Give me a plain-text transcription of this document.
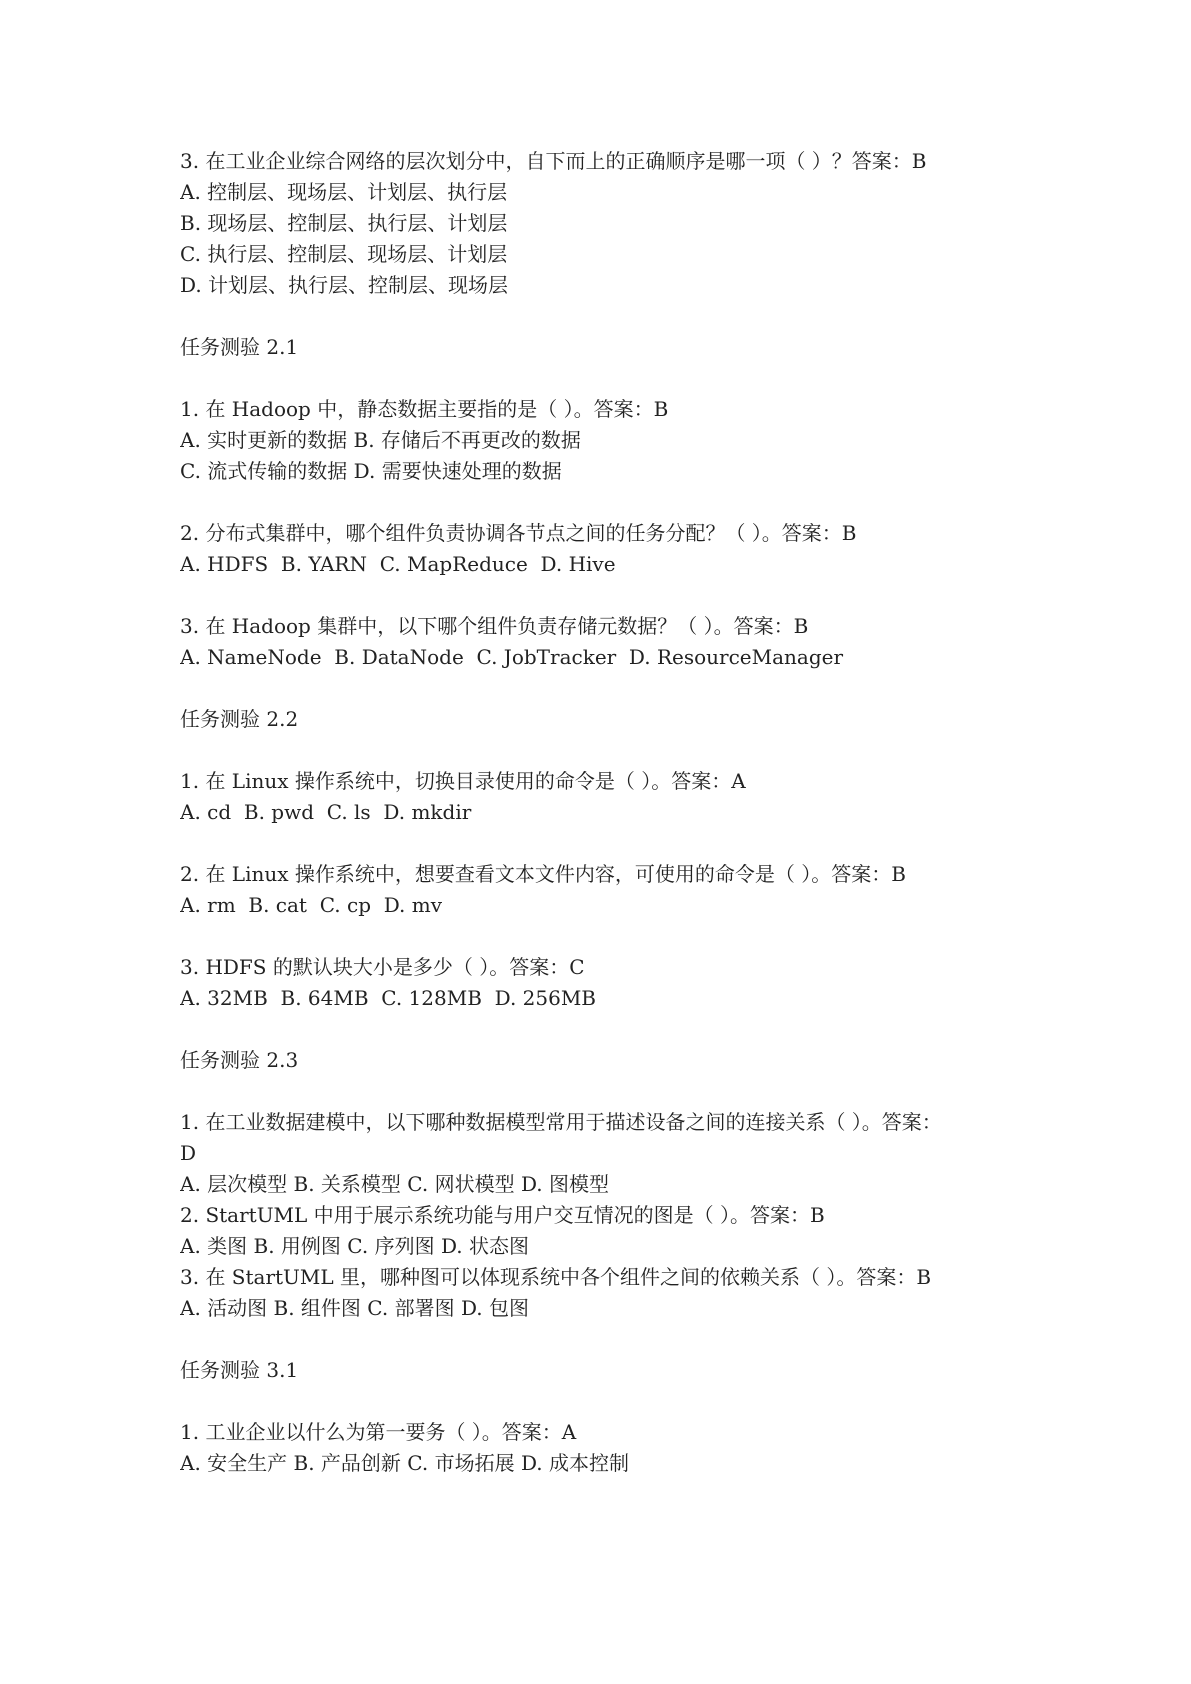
3. 在工业企业综合网络的层次划分中，自下而上的正确顺序是哪一项（ ）？答案：B
A. 控制层、现场层、计划层、执行层
B. 现场层、控制层、执行层、计划层
C. 执行层、控制层、现场层、计划层
D. 计划层、执行层、控制层、现场层
任务测验 2.1
1. 在 Hadoop 中，静态数据主要指的是（ ）。答案：B
A. 实时更新的数据 B. 存储后不再更改的数据
C. 流式传输的数据 D. 需要快速处理的数据
2. 分布式集群中，哪个组件负责协调各节点之间的任务分配？（ ）。答案：B
A. HDFS  B. YARN  C. MapReduce  D. Hive
3. 在 Hadoop 集群中，以下哪个组件负责存储元数据？（ ）。答案：B
A. NameNode  B. DataNode  C. JobTracker  D. ResourceManager
任务测验 2.2
1. 在 Linux 操作系统中，切换目录使用的命令是（ ）。答案：A
A. cd  B. pwd  C. ls  D. mkdir
2. 在 Linux 操作系统中，想要查看文本文件内容，可使用的命令是（ ）。答案：B
A. rm  B. cat  C. cp  D. mv
3. HDFS 的默认块大小是多少（ ）。答案：C
A. 32MB  B. 64MB  C. 128MB  D. 256MB
任务测验 2.3
1. 在工业数据建模中，以下哪种数据模型常用于描述设备之间的连接关系（ ）。答案：
D
A. 层次模型 B. 关系模型 C. 网状模型 D. 图模型
2. StartUML 中用于展示系统功能与用户交互情况的图是（ ）。答案：B
A. 类图 B. 用例图 C. 序列图 D. 状态图
3. 在 StartUML 里，哪种图可以体现系统中各个组件之间的依赖关系（ ）。答案：B
A. 活动图 B. 组件图 C. 部署图 D. 包图
任务测验 3.1
1. 工业企业以什么为第一要务（ ）。答案：A
A. 安全生产 B. 产品创新 C. 市场拓展 D. 成本控制
